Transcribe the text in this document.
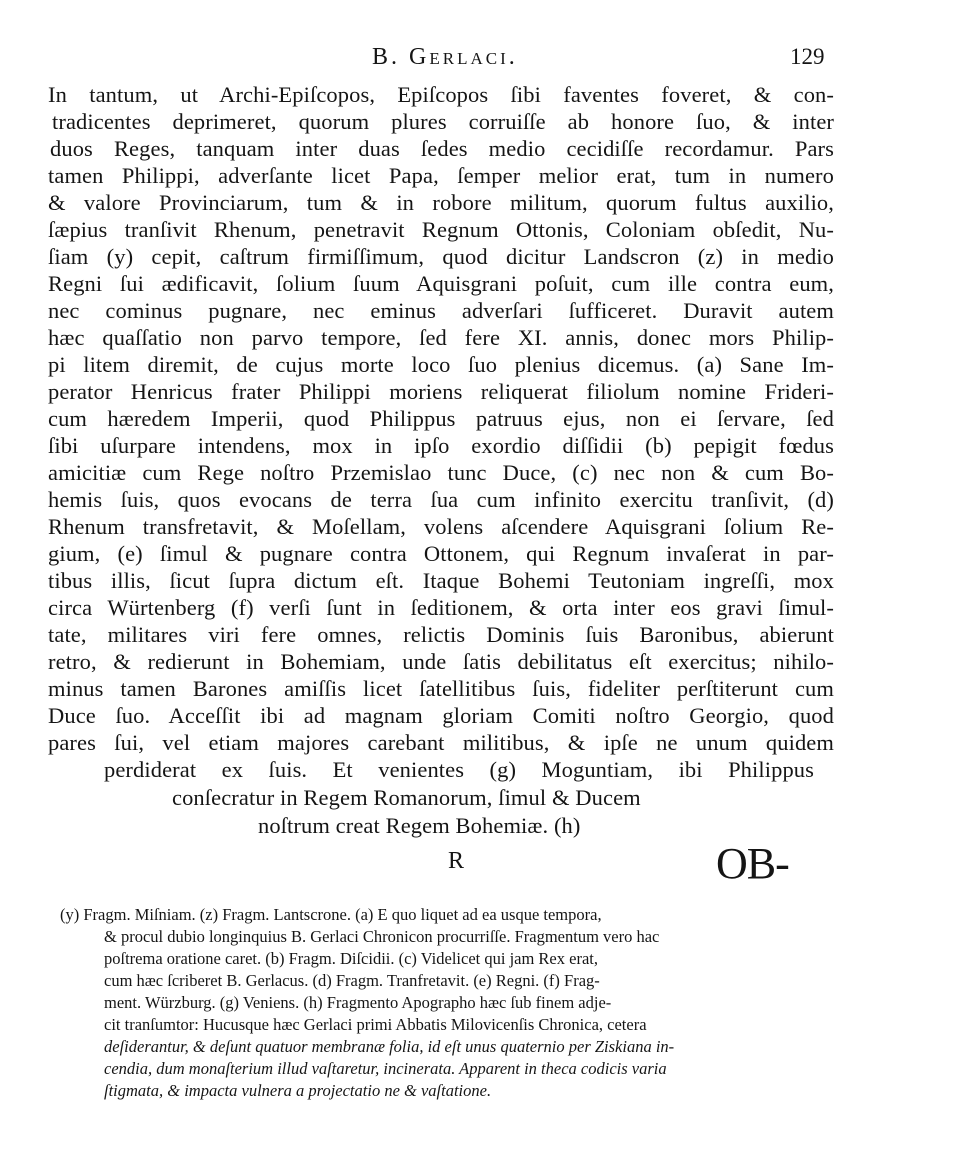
B. Gerlaci.	129
In tantum, ut Archi-Epiſcopos, Epiſcopos ſibi faventes foveret, & con-
tradicentes deprimeret, quorum plures corruiſſe ab honore ſuo, & inter
duos Reges, tanquam inter duas ſedes medio cecidiſſe recordamur. Pars
tamen Philippi, adverſante licet Papa, ſemper melior erat, tum in numero
& valore Provinciarum, tum & in robore militum, quorum fultus auxilio,
ſæpius tranſivit Rhenum, penetravit Regnum Ottonis, Coloniam obſedit, Nu-
ſiam (y) cepit, caſtrum firmiſſimum, quod dicitur Landscron (z) in medio
Regni ſui ædificavit, ſolium ſuum Aquisgrani poſuit, cum ille contra eum,
nec cominus pugnare, nec eminus adverſari ſufficeret. Duravit autem
hæc quaſſatio non parvo tempore, ſed fere XI. annis, donec mors Philip-
pi litem diremit, de cujus morte loco ſuo plenius dicemus. (a) Sane Im-
perator Henricus frater Philippi moriens reliquerat filiolum nomine Frideri-
cum hæredem Imperii, quod Philippus patruus ejus, non ei ſervare, ſed
ſibi uſurpare intendens, mox in ipſo exordio diſſidii (b) pepigit fœdus
amicitiæ cum Rege noſtro Przemislao tunc Duce, (c) nec non & cum Bo-
hemis ſuis, quos evocans de terra ſua cum infinito exercitu tranſivit, (d)
Rhenum transfretavit, & Moſellam, volens aſcendere Aquisgrani ſolium Re-
gium, (e) ſimul & pugnare contra Ottonem, qui Regnum invaſerat in par-
tibus illis, ſicut ſupra dictum eſt. Itaque Bohemi Teutoniam ingreſſi, mox
circa Würtenberg (f) verſi ſunt in ſeditionem, & orta inter eos gravi ſimul-
tate, militares viri fere omnes, relictis Dominis ſuis Baronibus, abierunt
retro, & redierunt in Bohemiam, unde ſatis debilitatus eſt exercitus; nihilo-
minus tamen Barones amiſſis licet ſatellitibus ſuis, fideliter perſtiterunt cum
Duce ſuo. Acceſſit ibi ad magnam gloriam Comiti noſtro Georgio, quod
pares ſui, vel etiam majores carebant militibus, & ipſe ne unum quidem
perdiderat ex ſuis. Et venientes (g) Moguntiam, ibi Philippus
conſecratur in Regem Romanorum, ſimul & Ducem
noſtrum creat Regem Bohemiæ. (h)
R	OB-
(y) Fragm. Miſniam. (z) Fragm. Lantscrone. (a) E quo liquet ad ea usque tempora,
& procul dubio longinquius B. Gerlaci Chronicon procurriſſe. Fragmentum vero hac
poſtrema oratione caret. (b) Fragm. Diſcidii. (c) Videlicet qui jam Rex erat,
cum hæc ſcriberet B. Gerlacus. (d) Fragm. Tranfretavit. (e) Regni. (f) Frag-
ment. Würzburg. (g) Veniens. (h) Fragmento Apographo hæc ſub finem adje-
cit tranſumtor: Hucusque hæc Gerlaci primi Abbatis Milovicenſis Chronica, cetera
deſiderantur, & deſunt quatuor membranæ folia, id eſt unus quaternio per Ziskiana in-
cendia, dum monaſterium illud vaſtaretur, incinerata. Apparent in theca codicis varia
ſtigmata, & impacta vulnera a projectatio ne & vaſtatione.
